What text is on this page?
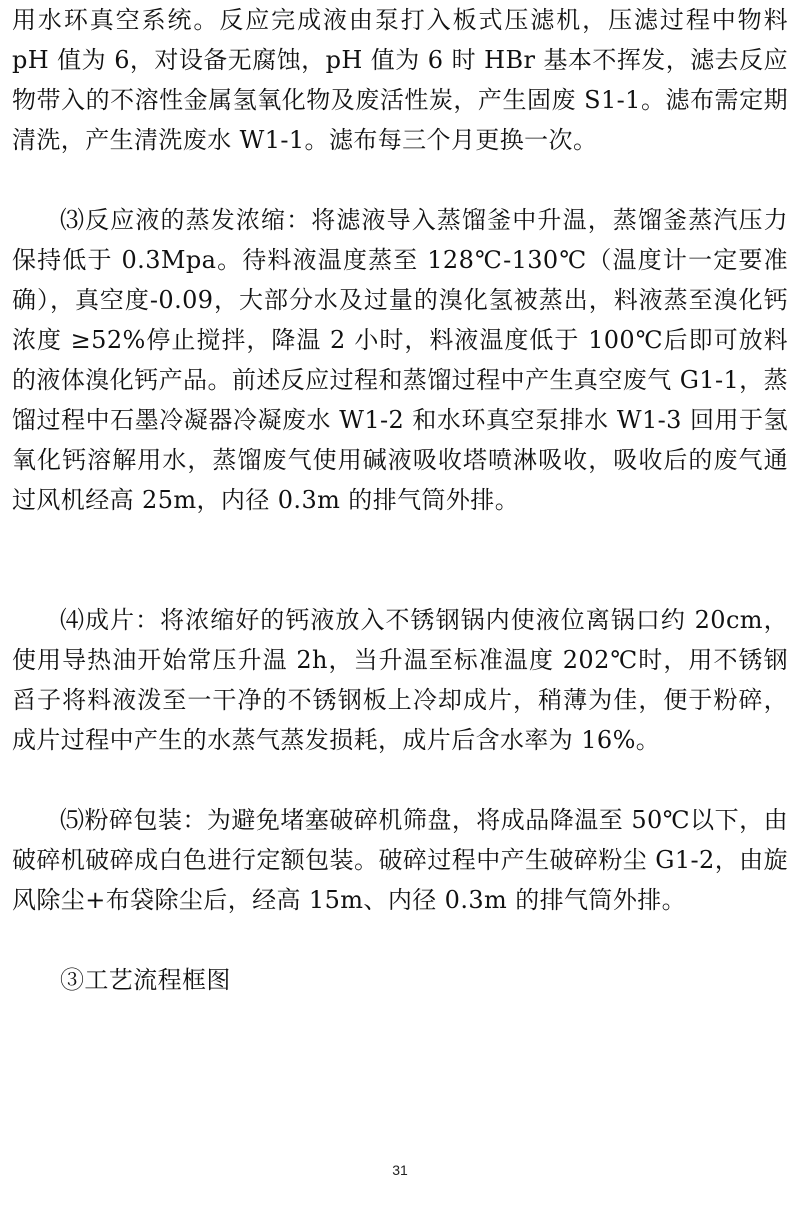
用水环真空系统。反应完成液由泵打入板式压滤机，压滤过程中物料 pH 值为 6，对设备无腐蚀，pH 值为 6 时 HBr 基本不挥发，滤去反应物带入的不溶性金属氢氧化物及废活性炭，产生固废 S1-1。滤布需定期清洗，产生清洗废水 W1-1。滤布每三个月更换一次。

⑶反应液的蒸发浓缩：将滤液导入蒸馏釜中升温，蒸馏釜蒸汽压力保持低于 0.3Mpa。待料液温度蒸至 128℃-130℃（温度计一定要准确），真空度-0.09，大部分水及过量的溴化氢被蒸出，料液蒸至溴化钙浓度 ≥52%停止搅拌，降温 2 小时，料液温度低于 100℃后即可放料的液体溴化钙产品。前述反应过程和蒸馏过程中产生真空废气 G1-1，蒸馏过程中石墨冷凝器冷凝废水 W1-2 和水环真空泵排水 W1-3 回用于氢氧化钙溶解用水，蒸馏废气使用碱液吸收塔喷淋吸收，吸收后的废气通过风机经高 25m，内径 0.3m 的排气筒外排。

⑷成片：将浓缩好的钙液放入不锈钢锅内使液位离锅口约 20cm，使用导热油开始常压升温 2h，当升温至标准温度 202℃时，用不锈钢舀子将料液泼至一干净的不锈钢板上冷却成片，稍薄为佳，便于粉碎，成片过程中产生的水蒸气蒸发损耗，成片后含水率为 16%。

⑸粉碎包装：为避免堵塞破碎机筛盘，将成品降温至 50℃以下，由破碎机破碎成白色进行定额包装。破碎过程中产生破碎粉尘 G1-2，由旋风除尘+布袋除尘后，经高 15m、内径 0.3m 的排气筒外排。

③工艺流程框图

31
